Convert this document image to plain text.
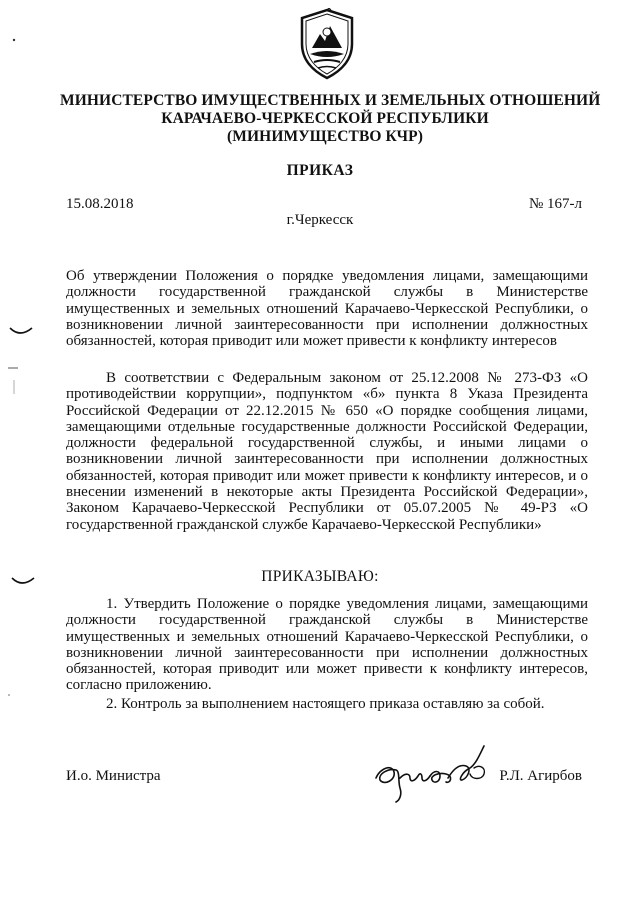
МИНИСТЕРСТВО ИМУЩЕСТВЕННЫХ И ЗЕМЕЛЬНЫХ ОТНОШЕНИЙ
КАРАЧАЕВО-ЧЕРКЕССКОЙ РЕСПУБЛИКИ
(МИНИМУЩЕСТВО КЧР)
ПРИКАЗ
15.08.2018	№ 167-л
г.Черкесск
Об утверждении Положения о порядке уведомления лицами, замещающими должности государственной гражданской службы в Министерстве имущественных и земельных отношений Карачаево-Черкесской Республики, о возникновении личной заинтересованности при исполнении должностных обязанностей, которая приводит или может привести к конфликту интересов
В соответствии с Федеральным законом от 25.12.2008 № 273-ФЗ «О противодействии коррупции», подпунктом «б» пункта 8 Указа Президента Российской Федерации от 22.12.2015 № 650 «О порядке сообщения лицами, замещающими отдельные государственные должности Российской Федерации, должности федеральной государственной службы, и иными лицами о возникновении личной заинтересованности при исполнении должностных обязанностей, которая приводит или может привести к конфликту интересов, и о внесении изменений в некоторые акты Президента Российской Федерации», Законом Карачаево-Черкесской Республики от 05.07.2005 № 49-РЗ «О государственной гражданской службе Карачаево-Черкесской Республики»
ПРИКАЗЫВАЮ:
1. Утвердить Положение о порядке уведомления лицами, замещающими должности государственной гражданской службы в Министерстве имущественных и земельных отношений Карачаево-Черкесской Республики, о возникновении личной заинтересованности при исполнении должностных обязанностей, которая приводит или может привести к конфликту интересов, согласно приложению.
2. Контроль за выполнением настоящего приказа оставляю за собой.
И.о. Министра	Р.Л. Агирбов
